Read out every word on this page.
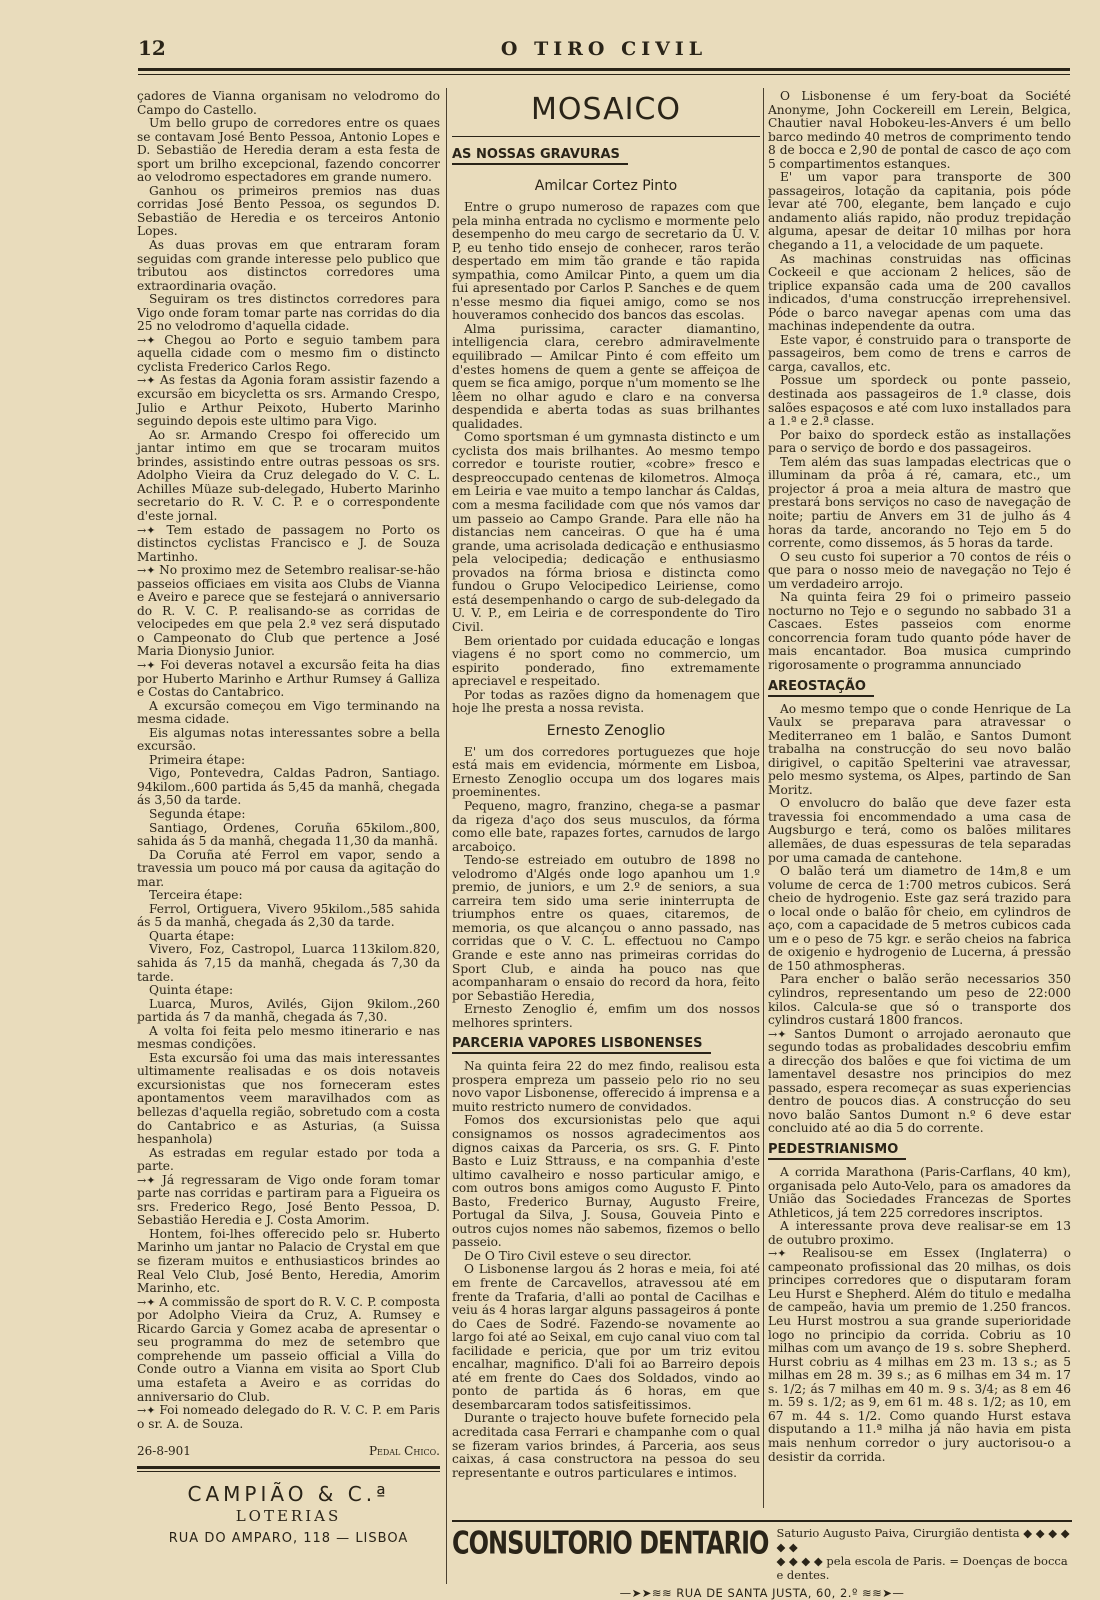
12	O TIRO CIVIL

çadores de Vianna organisam no velodromo do Campo do Castello.

Um bello grupo de corredores entre os quaes se contavam José Bento Pessoa, Antonio Lopes e D. Sebastião de Heredia deram a esta festa de sport um brilho excepcional, fazendo concorrer ao velodromo espectadores em grande numero.

Ganhou os primeiros premios nas duas corridas José Bento Pessoa, os segundos D. Sebastião de Heredia e os terceiros Antonio Lopes.

As duas provas em que entraram foram seguidas com grande interesse pelo publico que tributou aos distinctos corredores uma extraordinaria ovação.

Seguiram os tres distinctos corredores para Vigo onde foram tomar parte nas corridas do dia 25 no velodromo d'aquella cidade.

→✦ Chegou ao Porto e seguio tambem para aquella cidade com o mesmo fim o distincto cyclista Frederico Carlos Rego.

→✦ As festas da Agonia foram assistir fazendo a excursão em bicycletta os srs. Armando Crespo, Julio e Arthur Peixoto, Huberto Marinho seguindo depois este ultimo para Vigo.

Ao sr. Armando Crespo foi offerecido um jantar intimo em que se trocaram muitos brindes, assistindo entre outras pessoas os srs. Adolpho Vieira da Cruz delegado do V. C. L. Achilles Müaze sub-delegado, Huberto Marinho secretario do R. V. C. P. e o correspondente d'este jornal.

→✦ Tem estado de passagem no Porto os distinctos cyclistas Francisco e J. de Souza Martinho.

→✦ No proximo mez de Setembro realisar-se-hão passeios officiaes em visita aos Clubs de Vianna e Aveiro e parece que se festejará o anniversario do R. V. C. P. realisando-se as corridas de velocipedes em que pela 2.ª vez será disputado o Campeonato do Club que pertence a José Maria Dionysio Junior.

→✦ Foi deveras notavel a excursão feita ha dias por Huberto Marinho e Arthur Rumsey á Galliza e Costas do Cantabrico.

A excursão começou em Vigo terminando na mesma cidade.

Eis algumas notas interessantes sobre a bella excursão.

Primeira étape:

Vigo, Pontevedra, Caldas Padron, Santiago. 94kilom.,600 partida ás 5,45 da manhã, chegada ás 3,50 da tarde.

Segunda étape:

Santiago, Ordenes, Coruña 65kilom.,800, sahida ás 5 da manhã, chegada 11,30 da manhã.

Da Coruña até Ferrol em vapor, sendo a travessia um pouco má por causa da agitação do mar.

Terceira étape:

Ferrol, Ortiguera, Vivero 95kilom.,585 sahida ás 5 da manhã, chegada ás 2,30 da tarde.

Quarta étape:

Vivero, Foz, Castropol, Luarca 113kilom.820, sahida ás 7,15 da manhã, chegada ás 7,30 da tarde.

Quinta étape:

Luarca, Muros, Avilés, Gijon 9kilom.,260 partida ás 7 da manhã, chegada ás 7,30.

A volta foi feita pelo mesmo itinerario e nas mesmas condições.

Esta excursão foi uma das mais interessantes ultimamente realisadas e os dois notaveis excursionistas que nos forneceram estes apontamentos veem maravilhados com as bellezas d'aquella região, sobretudo com a costa do Cantabrico e as Asturias, (a Suissa hespanhola)

As estradas em regular estado por toda a parte.

→✦ Já regressaram de Vigo onde foram tomar parte nas corridas e partiram para a Figueira os srs. Frederico Rego, José Bento Pessoa, D. Sebastião Heredia e J. Costa Amorim.

Hontem, foi-lhes offerecido pelo sr. Huberto Marinho um jantar no Palacio de Crystal em que se fizeram muitos e enthusiasticos brindes ao Real Velo Club, José Bento, Heredia, Amorim Marinho, etc.

→✦ A commissão de sport do R. V. C. P. composta por Adolpho Vieira da Cruz, A. Rumsey e Ricardo Garcia y Gomez acaba de apresentar o seu programma do mez de setembro que comprehende um passeio official a Villa do Conde outro a Vianna em visita ao Sport Club uma estafeta a Aveiro e as corridas do anniversario do Club.

→✦ Foi nomeado delegado do R. V. C. P. em Paris o sr. A. de Souza.

26-8-901	Pedal Chico.
MOSAICO
AS NOSSAS GRAVURAS
Amilcar Cortez Pinto

Entre o grupo numeroso de rapazes com que pela minha entrada no cyclismo e mormente pelo desempenho do meu cargo de secretario da U. V. P, eu tenho tido ensejo de conhecer, raros terão despertado em mim tão grande e tão rapida sympathia, como Amilcar Pinto, a quem um dia fui apresentado por Carlos P. Sanches e de quem n'esse mesmo dia fiquei amigo, como se nos houveramos conhecido dos bancos das escolas.

Alma purissima, caracter diamantino, intelligencia clara, cerebro admiravelmente equilibrado — Amilcar Pinto é com effeito um d'estes homens de quem a gente se affeiçoa de quem se fica amigo, porque n'um momento se lhe lêem no olhar agudo e claro e na conversa despendida e aberta todas as suas brilhantes qualidades.

Como sportsman é um gymnasta distincto e um cyclista dos mais brilhantes. Ao mesmo tempo corredor e touriste routier, «cobre» fresco e despreoccupado centenas de kilometros. Almoça em Leiria e vae muito a tempo lanchar ás Caldas, com a mesma facilidade com que nós vamos dar um passeio ao Campo Grande. Para elle não ha distancias nem canceiras. O que ha é uma grande, uma acrisolada dedicação e enthusiasmo pela velocipedia; dedicação e enthusiasmo provados na fórma briosa e distincta como fundou o Grupo Velocipedico Leiriense, como está desempenhando o cargo de sub-delegado da U. V. P., em Leiria e de correspondente do Tiro Civil.

Bem orientado por cuidada educação e longas viagens é no sport como no commercio, um espirito ponderado, fino extremamente apreciavel e respeitado.

Por todas as razões digno da homenagem que hoje lhe presta a nossa revista.

Ernesto Zenoglio

E' um dos corredores portuguezes que hoje está mais em evidencia, mórmente em Lisboa, Ernesto Zenoglio occupa um dos logares mais proeminentes.

Pequeno, magro, franzino, chega-se a pasmar da rigeza d'aço dos seus musculos, da fórma como elle bate, rapazes fortes, carnudos de largo arcaboiço.

Tendo-se estreiado em outubro de 1898 no velodromo d'Algés onde logo apanhou um 1.º premio, de juniors, e um 2.º de seniors, a sua carreira tem sido uma serie ininterrupta de triumphos entre os quaes, citaremos, de memoria, os que alcançou o anno passado, nas corridas que o V. C. L. effectuou no Campo Grande e este anno nas primeiras corridas do Sport Club, e ainda ha pouco nas que acompanharam o ensaio do record da hora, feito por Sebastião Heredia,

Ernesto Zenoglio é, emfim um dos nossos melhores sprinters.

PARCERIA VAPORES LISBONENSES

Na quinta feira 22 do mez findo, realisou esta prospera empreza um passeio pelo rio no seu novo vapor Lisbonense, offerecido á imprensa e a muito restricto numero de convidados.

Fomos dos excursionistas pelo que aqui consignamos os nossos agradecimentos aos dignos caixas da Parceria, os srs. G. F. Pinto Basto e Luiz Sttrauss, e na companhia d'este ultimo cavalheiro e nosso particular amigo, e com outros bons amigos como Augusto F. Pinto Basto, Frederico Burnay, Augusto Freire, Portugal da Silva, J. Sousa, Gouveia Pinto e outros cujos nomes não sabemos, fizemos o bello passeio.

De O Tiro Civil esteve o seu director.

O Lisbonense largou ás 2 horas e meia, foi até em frente de Carcavellos, atravessou até em frente da Trafaria, d'alli ao pontal de Cacilhas e veiu ás 4 horas largar alguns passageiros á ponte do Caes de Sodré. Fazendo-se novamente ao largo foi até ao Seixal, em cujo canal viuo com tal facilidade e pericia, que por um triz evitou encalhar, magnifico. D'ali foi ao Barreiro depois até em frente do Caes dos Soldados, vindo ao ponto de partida ás 6 horas, em que desembarcaram todos satisfeitissimos.

Durante o trajecto houve bufete fornecido pela acreditada casa Ferrari e champanhe com o qual se fizeram varios brindes, á Parceria, aos seus caixas, á casa constructora na pessoa do seu representante e outros particulares e intimos.

O Lisbonense é um fery-boat da Société Anonyme, John Cockereill em Lerein, Belgica, Chautier naval Hobokeu-les-Anvers é um bello barco medindo 40 metros de comprimento tendo 8 de bocca e 2,90 de pontal de casco de aço com 5 compartimentos estanques.

E' um vapor para transporte de 300 passageiros, lotação da capitania, pois póde levar até 700, elegante, bem lançado e cujo andamento aliás rapido, não produz trepidação alguma, apesar de deitar 10 milhas por hora chegando a 11, a velocidade de um paquete.

As machinas construidas nas officinas Cockeeil e que accionam 2 helices, são de triplice expansão cada uma de 200 cavallos indicados, d'uma construcção irreprehensivel. Póde o barco navegar apenas com uma das machinas independente da outra.

Este vapor, é construido para o transporte de passageiros, bem como de trens e carros de carga, cavallos, etc.

Possue um spordeck ou ponte passeio, destinada aos passageiros de 1.ª classe, dois salões espaçosos e até com luxo installados para a 1.ª e 2.ª classe.

Por baixo do spordeck estão as installações para o serviço de bordo e dos passageiros.

Tem além das suas lampadas electricas que o illuminam da prôa á ré, camara, etc., um projector á proa a meia altura de mastro que prestará bons serviços no caso de navegação de noite; partiu de Anvers em 31 de julho ás 4 horas da tarde, ancorando no Tejo em 5 do corrente, como dissemos, ás 5 horas da tarde.

O seu custo foi superior a 70 contos de réis o que para o nosso meio de navegação no Tejo é um verdadeiro arrojo.

Na quinta feira 29 foi o primeiro passeio nocturno no Tejo e o segundo no sabbado 31 a Cascaes. Estes passeios com enorme concorrencia foram tudo quanto póde haver de mais encantador. Boa musica cumprindo rigorosamente o programma annunciado

AREOSTAÇÃO

Ao mesmo tempo que o conde Henrique de La Vaulx se preparava para atravessar o Mediterraneo em 1 balão, e Santos Dumont trabalha na construcção do seu novo balão dirigivel, o capitão Spelterini vae atravessar, pelo mesmo systema, os Alpes, partindo de San Moritz.

O envolucro do balão que deve fazer esta travessia foi encommendado a uma casa de Augsburgo e terá, como os balões militares allemães, de duas espessuras de tela separadas por uma camada de cantehone.

O balão terá um diametro de 14m,8 e um volume de cerca de 1:700 metros cubicos. Será cheio de hydrogenio. Este gaz será trazido para o local onde o balão fôr cheio, em cylindros de aço, com a capacidade de 5 metros cubicos cada um e o peso de 75 kgr. e serão cheios na fabrica de oxigenio e hydrogenio de Lucerna, á pressão de 150 athmospheras.

Para encher o balão serão necessarios 350 cylindros, representando um peso de 22:000 kilos. Calcula-se que só o transporte dos cylindros custará 1800 francos.

→✦ Santos Dumont o arrojado aeronauto que segundo todas as probalidades descobriu emfim a direcção dos balões e que foi victima de um lamentavel desastre nos principios do mez passado, espera recomeçar as suas experiencias dentro de poucos dias. A construcção do seu novo balão Santos Dumont n.º 6 deve estar concluido até ao dia 5 do corrente.

PEDESTRIANISMO

A corrida Marathona (Paris-Carflans, 40 km), organisada pelo Auto-Velo, para os amadores da União das Sociedades Francezas de Sportes Athleticos, já tem 225 corredores inscriptos.

A interessante prova deve realisar-se em 13 de outubro proximo.

→✦ Realisou-se em Essex (Inglaterra) o campeonato profissional das 20 milhas, os dois principes corredores que o disputaram foram Leu Hurst e Shepherd. Além do titulo e medalha de campeão, havia um premio de 1.250 francos. Leu Hurst mostrou a sua grande superioridade logo no principio da corrida. Cobriu as 10 milhas com um avanço de 19 s. sobre Shepherd. Hurst cobriu as 4 milhas em 23 m. 13 s.; as 5 milhas em 28 m. 39 s.; as 6 milhas em 34 m. 17 s. 1/2; ás 7 milhas em 40 m. 9 s. 3/4; as 8 em 46 m. 59 s. 1/2; as 9, em 61 m. 48 s. 1/2; as 10, em 67 m. 44 s. 1/2. Como quando Hurst estava disputando a 11.ª milha já não havia em pista mais nenhum corredor o jury auctorisou-o a desistir da corrida.

CAMPIÃO & C.ª
LOTERIAS
RUA DO AMPARO, 118 — LISBOA	CONSULTORIO DENTARIO Saturio Augusto Paiva, Cirurgião dentista ◆ ◆ ◆ ◆ ◆ ◆
◆ ◆ ◆ ◆ pela escola de Paris. = Doenças de bocca e dentes.
—➤➤≋≋ RUA DE SANTA JUSTA, 60, 2.º ≋≋➤—
